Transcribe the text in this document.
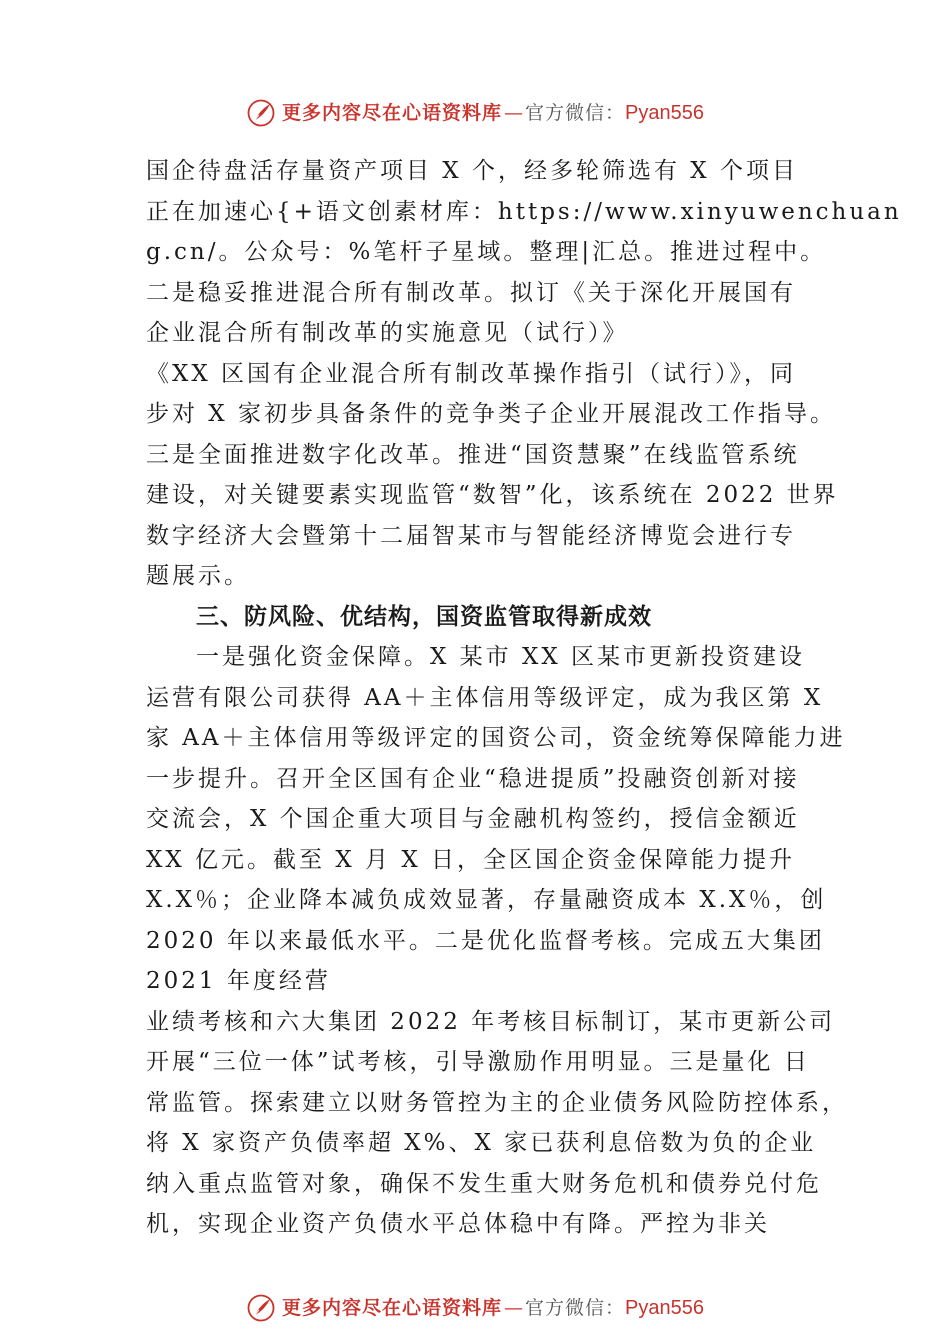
更多内容尽在心语资料库 — 官方微信： Pyan556
国企待盘活存量资产项目 X 个，经多轮筛选有 X 个项目
正在加速心{+语文创素材库：https://www.xinyuwenchuan
g.cn/。公众号：%笔杆子星域。整理|汇总。推进过程中。
二是稳妥推进混合所有制改革。拟订《关于深化开展国有
企业混合所有制改革的实施意见（试行）》
《XX 区国有企业混合所有制改革操作指引（试行）》，同
步对 X 家初步具备条件的竞争类子企业开展混改工作指导。
三是全面推进数字化改革。推进“国资慧聚”在线监管系统
建设，对关键要素实现监管“数智”化，该系统在 2022 世界
数字经济大会暨第十二届智某市与智能经济博览会进行专
题展示。
三、防风险、优结构，国资监管取得新成效
一是强化资金保障。X 某市 XX 区某市更新投资建设
运营有限公司获得 AA＋主体信用等级评定，成为我区第 X
家 AA＋主体信用等级评定的国资公司，资金统筹保障能力进
一步提升。召开全区国有企业“稳进提质”投融资创新对接
交流会，X 个国企重大项目与金融机构签约，授信金额近
XX 亿元。截至 X 月 X 日，全区国企资金保障能力提升
X.X％；企业降本减负成效显著，存量融资成本 X.X％，创
2020 年以来最低水平。二是优化监督考核。完成五大集团
2021 年度经营
业绩考核和六大集团 2022 年考核目标制订，某市更新公司
开展“三位一体”试考核，引导激励作用明显。三是量化 日
常监管。探索建立以财务管控为主的企业债务风险防控体系，
将 X 家资产负债率超 X%、X 家已获利息倍数为负的企业
纳入重点监管对象，确保不发生重大财务危机和债券兑付危
机，实现企业资产负债水平总体稳中有降。严控为非关
更多内容尽在心语资料库 — 官方微信： Pyan556
